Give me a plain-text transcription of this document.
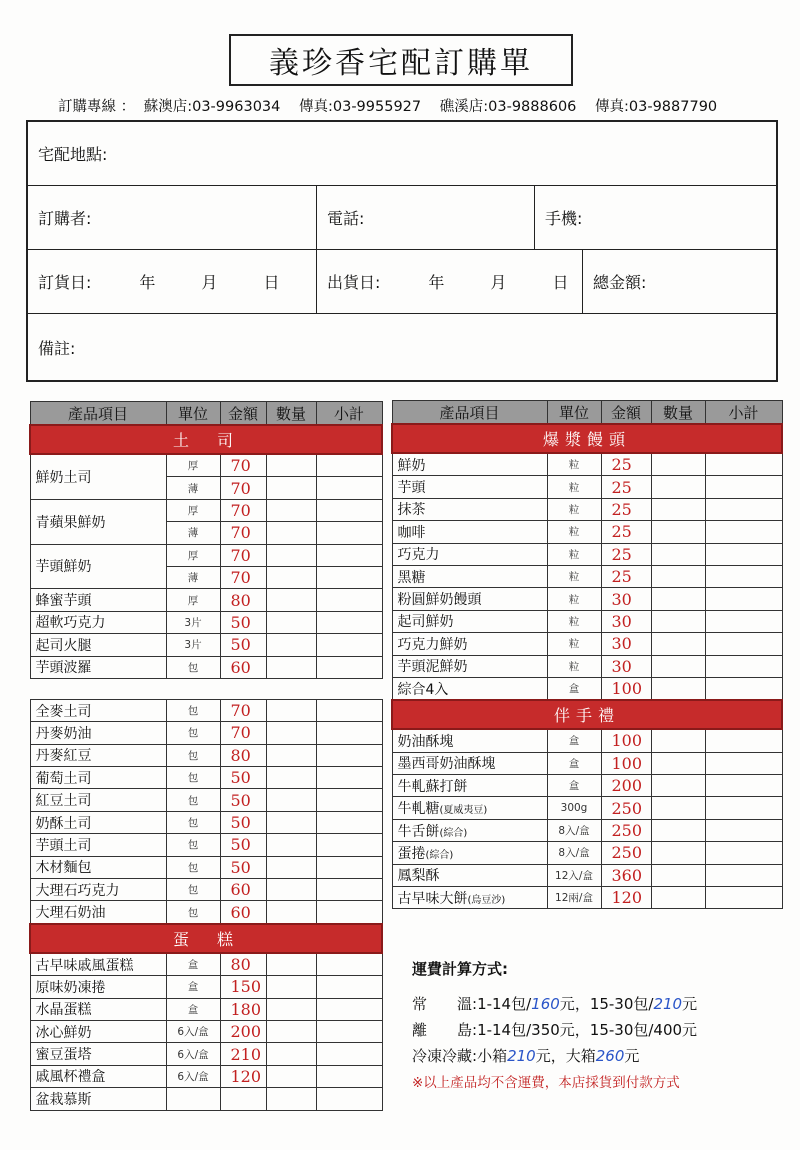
義珍香宅配訂購單
訂購專線 ： 蘇澳店:03-9963034 傳真:03-9955927 礁溪店:03-9888606 傳真:03-9887790
宅配地點:
訂購者:	電話:	手機:
訂貨日:	年	月	日	出貨日:	年	月	日 總金額:
備註:
產品項目	單位	金額	數量	小計
土　司				
鮮奶土司	厚	70		
	薄	70		
青蘋果鮮奶	厚	70		
	薄	70		
芋頭鮮奶	厚	70		
	薄	70		
蜂蜜芋頭	厚	80		
超軟巧克力	3片	50		
起司火腿	3片	50		
芋頭波羅	包	60		

全麥土司	包	70		
丹麥奶油	包	70		
丹麥紅豆	包	80		
葡萄土司	包	50		
紅豆土司	包	50		
奶酥土司	包	50		
芋頭土司	包	50		
木材麵包	包	50		
大理石巧克力	包	60		
大理石奶油	包	60		
蛋　糕				
古早味戚風蛋糕	盒	80		
原味奶凍捲	盒	150		
水晶蛋糕	盒	180		
冰心鮮奶	6入/盒	200		
蜜豆蛋塔	6入/盒	210		
戚風杯禮盒	6入/盒	120		
盆栽慕斯				
產品項目	單位	金額	數量	小計
爆漿饅頭				
鮮奶	粒	25		
芋頭	粒	25		
抹茶	粒	25		
咖啡	粒	25		
巧克力	粒	25		
黑糖	粒	25		
粉圓鮮奶饅頭	粒	30		
起司鮮奶	粒	30		
巧克力鮮奶	粒	30		
芋頭泥鮮奶	粒	30		
綜合4入	盒	100		
伴手禮				
奶油酥塊	盒	100		
墨西哥奶油酥塊	盒	100		
牛軋蘇打餅	盒	200		
牛軋糖(夏威夷豆)	300g	250		
牛舌餅(綜合)	8入/盒	250		
蛋捲(綜合)	8入/盒	250		
鳳梨酥	12入/盒	360		
古早味大餅(烏豆沙)	12兩/盒	120		
運費計算方式:
常　　溫:1-14包/160元，15-30包/210元
離　　島:1-14包/350元，15-30包/400元
冷凍冷藏:小箱210元，大箱260元
※以上產品均不含運費，本店採貨到付款方式
